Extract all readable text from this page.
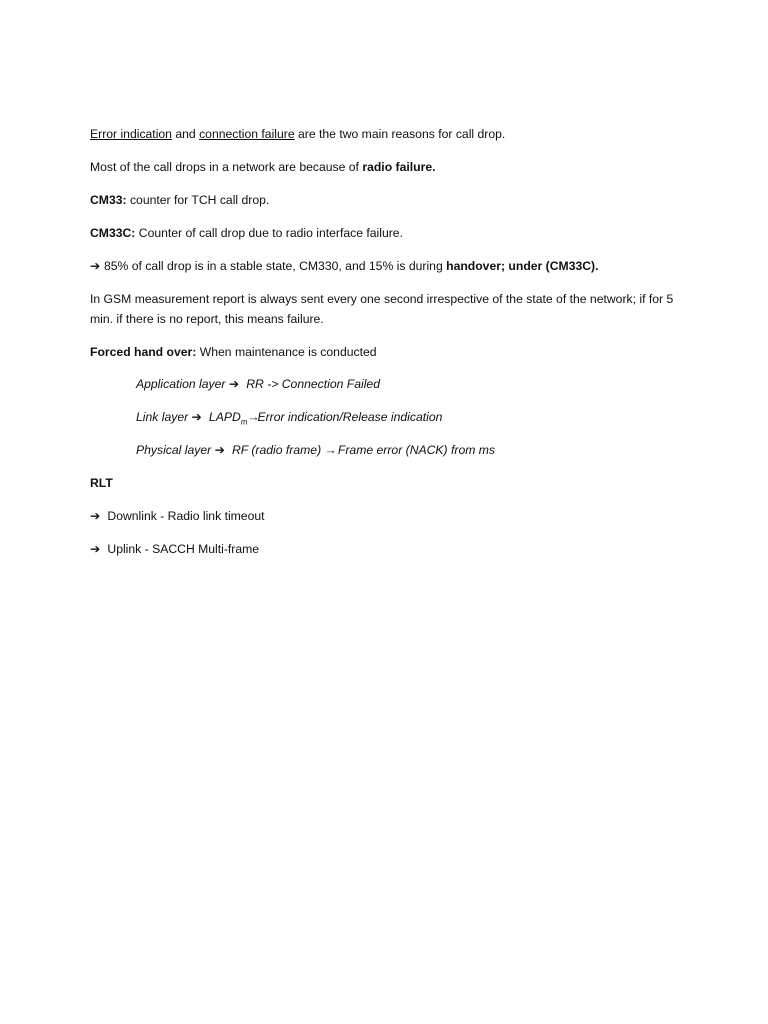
Error indication and connection failure are the two main reasons for call drop.
Most of the call drops in a network are because of radio failure.
CM33: counter for TCH call drop.
CM33C: Counter of call drop due to radio interface failure.
➔ 85% of call drop is in a stable state, CM330, and 15% is during handover; under (CM33C).
In GSM measurement report is always sent every one second irrespective of the state of the network; if for 5 min. if there is no report, this means failure.
Forced hand over: When maintenance is conducted
Application layer ➔ RR -> Connection Failed
Link layer ➔ $LAPD_m\to Error$ indication/Release indication
Physical layer ➔ RF (radio frame) → Frame error (NACK) from ms
RLT
➔ Downlink - Radio link timeout
➔ Uplink - SACCH Multi-frame
